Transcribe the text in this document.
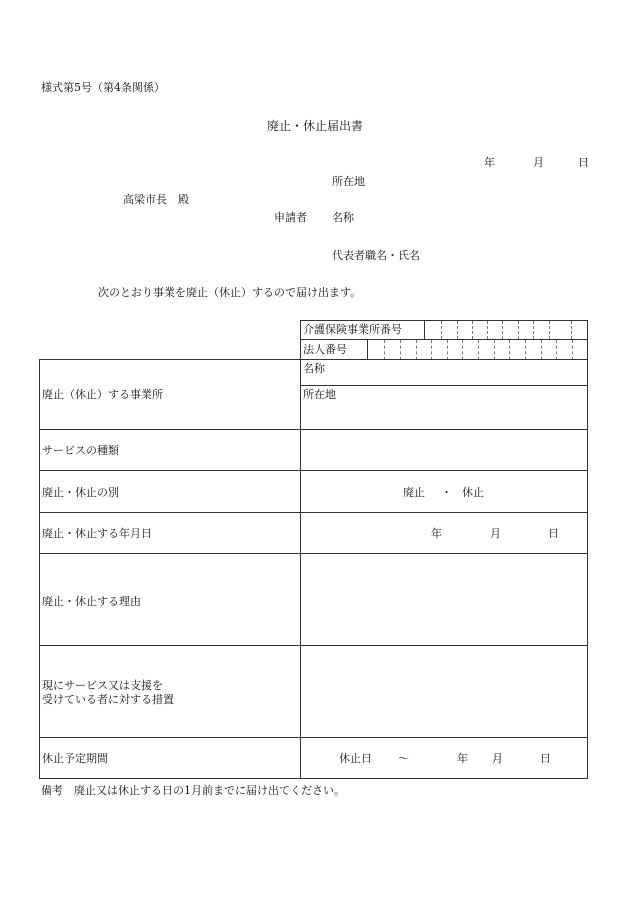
様式第5号（第4条関係）
廃止・休止届出書
年	月	日
所在地
高梁市長　殿
申請者 名称
代表者職名・氏名
次のとおり事業を廃止（休止）するので届け出ます。
介護保険事業所番号
法人番号
廃止（休止）する事業所
名称
所在地
サービスの種類
廃止・休止の別	廃止 ・ 休止
廃止・休止する年月日	年	月	日
廃止・休止する理由
現にサービス又は支援を
受けている者に対する措置
休止予定期間	休止日 ～	年 月	日
備考　廃止又は休止する日の1月前までに届け出てください。
